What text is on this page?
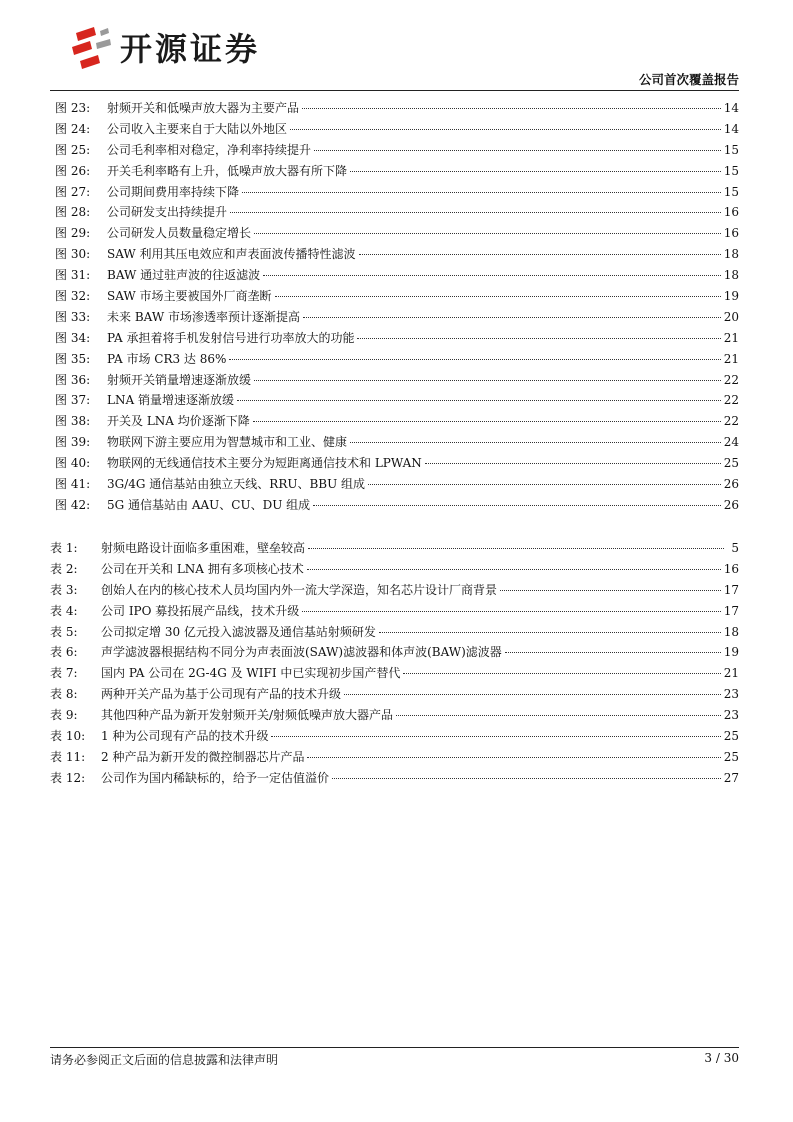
开源证券
公司首次覆盖报告
图 23:	射频开关和低噪声放大器为主要产品	14
图 24:	公司收入主要来自于大陆以外地区	14
图 25:	公司毛利率相对稳定，净利率持续提升	15
图 26:	开关毛利率略有上升，低噪声放大器有所下降	15
图 27:	公司期间费用率持续下降	15
图 28:	公司研发支出持续提升	16
图 29:	公司研发人员数量稳定增长	16
图 30:	SAW 利用其压电效应和声表面波传播特性滤波	18
图 31:	BAW 通过驻声波的往返滤波	18
图 32:	SAW 市场主要被国外厂商垄断	19
图 33:	未来 BAW 市场渗透率预计逐渐提高	20
图 34:	PA 承担着将手机发射信号进行功率放大的功能	21
图 35:	PA 市场 CR3 达 86%	21
图 36:	射频开关销量增速逐渐放缓	22
图 37:	LNA 销量增速逐渐放缓	22
图 38:	开关及 LNA 均价逐渐下降	22
图 39:	物联网下游主要应用为智慧城市和工业、健康	24
图 40:	物联网的无线通信技术主要分为短距离通信技术和 LPWAN	25
图 41:	3G/4G 通信基站由独立天线、RRU、BBU 组成	26
图 42:	5G 通信基站由 AAU、CU、DU 组成	26
表 1:	射频电路设计面临多重困难，壁垒较高	5
表 2:	公司在开关和 LNA 拥有多项核心技术	16
表 3:	创始人在内的核心技术人员均国内外一流大学深造，知名芯片设计厂商背景	17
表 4:	公司 IPO 募投拓展产品线，技术升级	17
表 5:	公司拟定增 30 亿元投入滤波器及通信基站射频研发	18
表 6:	声学滤波器根据结构不同分为声表面波(SAW)滤波器和体声波(BAW)滤波器	19
表 7:	国内 PA 公司在 2G-4G 及 WIFI 中已实现初步国产替代	21
表 8:	两种开关产品为基于公司现有产品的技术升级	23
表 9:	其他四种产品为新开发射频开关/射频低噪声放大器产品	23
表 10:	1 种为公司现有产品的技术升级	25
表 11:	2 种产品为新开发的微控制器芯片产品	25
表 12:	公司作为国内稀缺标的，给予一定估值溢价	27
请务必参阅正文后面的信息披露和法律声明	3 / 30
